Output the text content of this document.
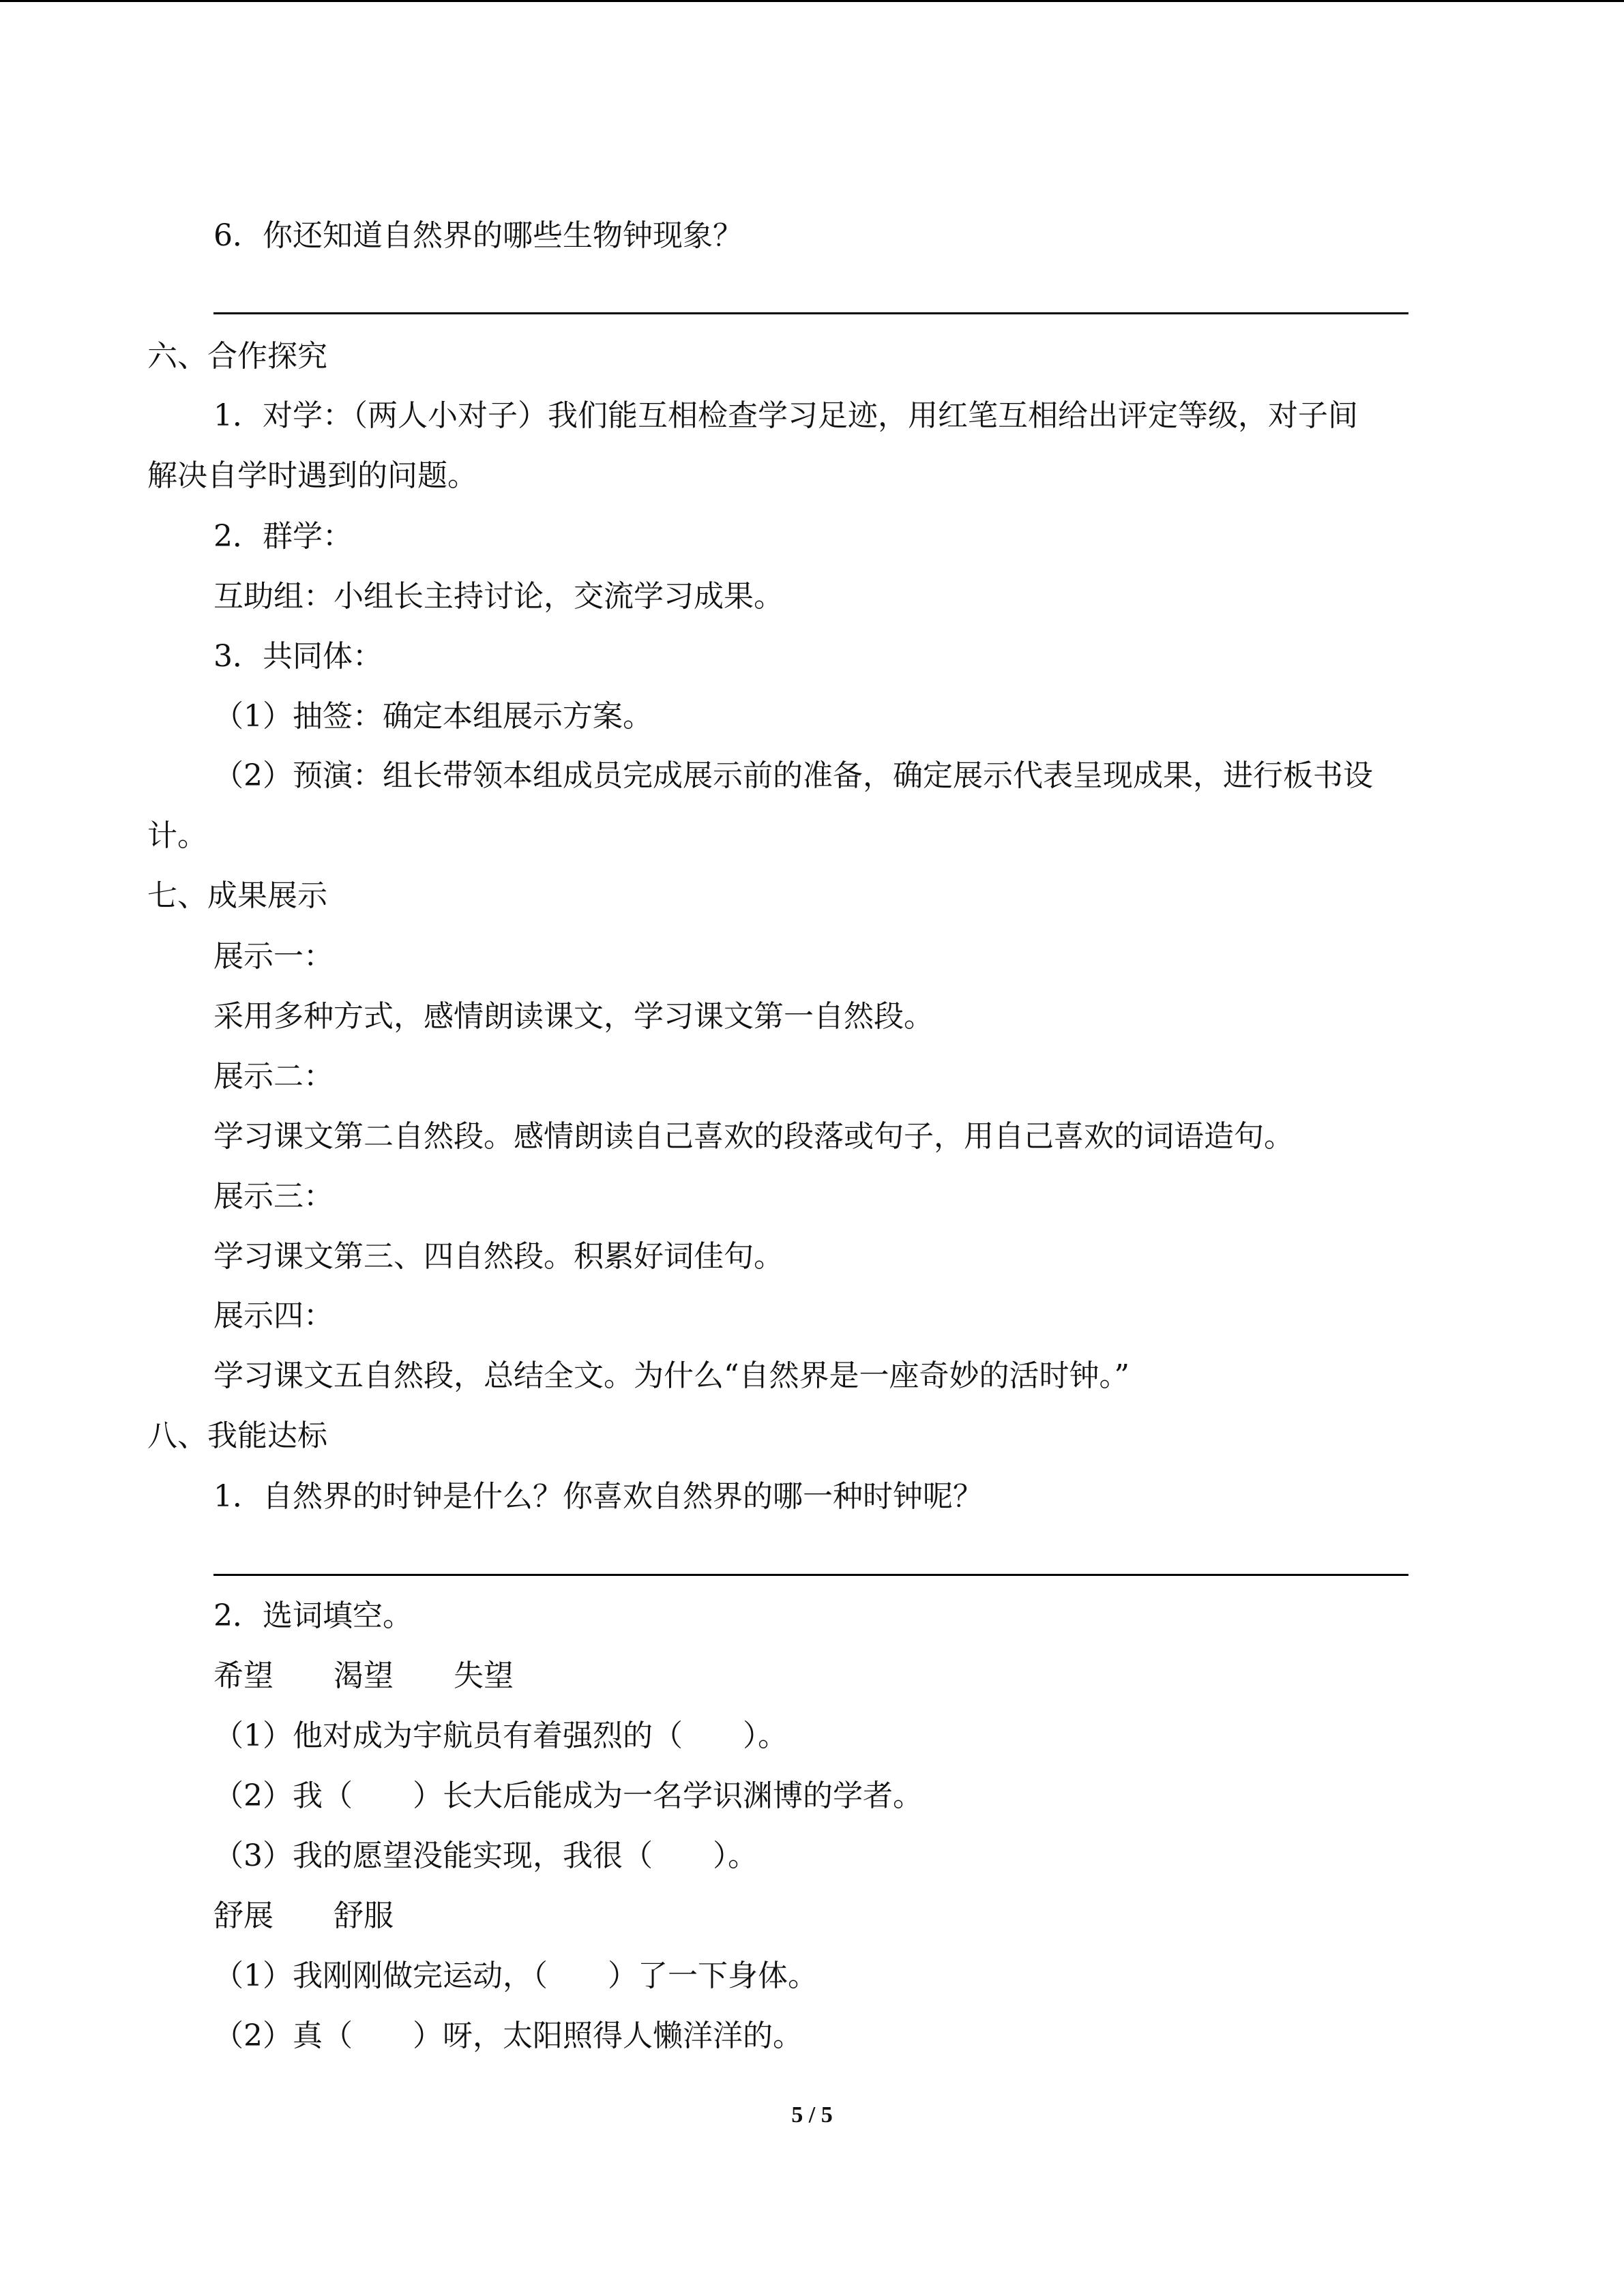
6．你还知道自然界的哪些生物钟现象？
六、合作探究
1．对学：（两人小对子）我们能互相检查学习足迹，用红笔互相给出评定等级，对子间
解决自学时遇到的问题。
2．群学：
互助组：小组长主持讨论，交流学习成果。
3．共同体：
（1）抽签：确定本组展示方案。
（2）预演：组长带领本组成员完成展示前的准备，确定展示代表呈现成果，进行板书设
计。
七、成果展示
展示一：
采用多种方式，感情朗读课文，学习课文第一自然段。
展示二：
学习课文第二自然段。感情朗读自己喜欢的段落或句子，用自己喜欢的词语造句。
展示三：
学习课文第三、四自然段。积累好词佳句。
展示四：
学习课文五自然段，总结全文。为什么“自然界是一座奇妙的活时钟。”
八、我能达标
1．自然界的时钟是什么？你喜欢自然界的哪一种时钟呢？
2．选词填空。
希望　　渴望　　失望
（1）他对成为宇航员有着强烈的（　　）。
（2）我（　　）长大后能成为一名学识渊博的学者。
（3）我的愿望没能实现，我很（　　）。
舒展　　舒服
（1）我刚刚做完运动，（　　）了一下身体。
（2）真（　　）呀，太阳照得人懒洋洋的。
5 / 5
